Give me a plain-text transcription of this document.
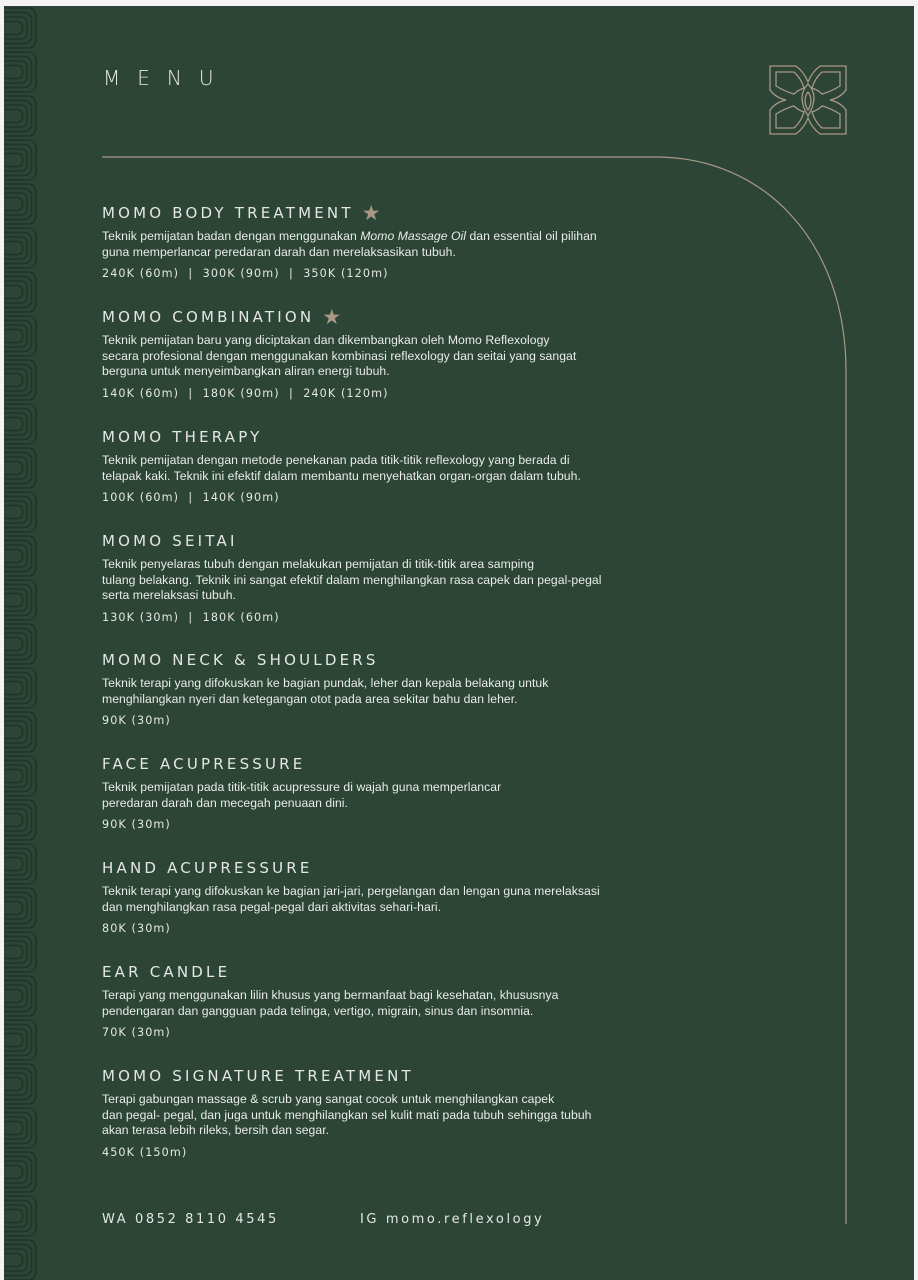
MENU
MOMO BODY TREATMENT ★

Teknik pemijatan badan dengan menggunakan Momo Massage Oil dan essential oil pilihan
guna memperlancar peredaran darah dan merelaksasikan tubuh.

240K (60m)  |  300K (90m)  |  350K (120m)
MOMO COMBINATION ★

Teknik pemijatan baru yang diciptakan dan dikembangkan oleh Momo Reflexology
secara profesional dengan menggunakan kombinasi reflexology dan seitai yang sangat
berguna untuk menyeimbangkan aliran energi tubuh.

140K (60m)  |  180K (90m)  |  240K (120m)
MOMO THERAPY

Teknik pemijatan dengan metode penekanan pada titik-titik reflexology yang berada di
telapak kaki. Teknik ini efektif dalam membantu menyehatkan organ-organ dalam tubuh.

100K (60m)  |  140K (90m)
MOMO SEITAI

Teknik penyelaras tubuh dengan melakukan pemijatan di titik-titik area samping
tulang belakang. Teknik ini sangat efektif dalam menghilangkan rasa capek dan pegal-pegal
serta merelaksasi tubuh.

130K (30m)  |  180K (60m)
MOMO NECK & SHOULDERS

Teknik terapi yang difokuskan ke bagian pundak, leher dan kepala belakang untuk
menghilangkan nyeri dan ketegangan otot pada area sekitar bahu dan leher.

90K (30m)
FACE ACUPRESSURE

Teknik pemijatan pada titik-titik acupressure di wajah guna memperlancar
peredaran darah dan mecegah penuaan dini.

90K (30m)
HAND ACUPRESSURE

Teknik terapi yang difokuskan ke bagian jari-jari, pergelangan dan lengan guna merelaksasi
dan menghilangkan rasa pegal-pegal dari aktivitas sehari-hari.

80K (30m)
EAR CANDLE

Terapi yang menggunakan lilin khusus yang bermanfaat bagi kesehatan, khususnya
pendengaran dan gangguan pada telinga, vertigo, migrain, sinus dan insomnia.

70K (30m)
MOMO SIGNATURE TREATMENT

Terapi gabungan massage & scrub yang sangat cocok untuk menghilangkan capek
dan pegal- pegal, dan juga untuk menghilangkan sel kulit mati pada tubuh sehingga tubuh
akan terasa lebih rileks, bersih dan segar.

450K (150m)
WA 0852 8110 4545	IG momo.reflexology
